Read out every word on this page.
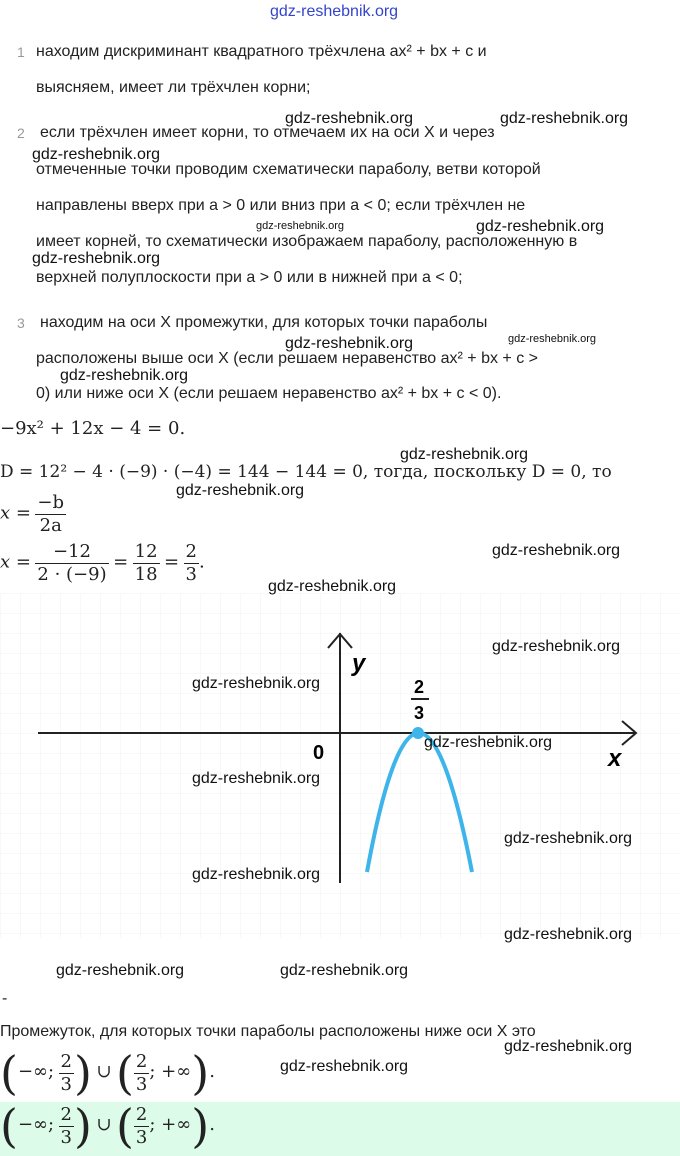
gdz-reshebnik.org
1 находим дискриминант квадратного трёхчлена ax² + bx + c и
выясняем, имеет ли трёхчлен корни;
2 если трёхчлен имеет корни, то отмечаем их на оси X и через
отмеченные точки проводим схематически параболу, ветви которой
направлены вверх при a > 0 или вниз при a < 0; если трёхчлен не
имеет корней, то схематически изображаем параболу, расположенную в
верхней полуплоскости при a > 0 или в нижней при a < 0;
3 находим на оси X промежутки, для которых точки параболы
расположены выше оси X (если решаем неравенство ax² + bx + c >
0) или ниже оси X (если решаем неравенство ax² + bx + c < 0).
−9x² + 12x − 4 = 0.
D = 12² − 4 · (−9) · (−4) = 144 − 144 = 0, тогда, поскольку D = 0, то
$x = \frac{-b}{2a}$
$x = \frac{-12}{2 \cdot (-9)} = \frac{12}{18} = \frac{2}{3}$ .
y
x
0
2
3
-
Промежуток, для которых точки параболы расположены ниже оси X это
(−∞; $\frac{2}{3}$ ) ∪ ( $\frac{2}{3}$ ; +∞).
(−∞; $\frac{2}{3}$ ) ∪ ( $\frac{2}{3}$ ; +∞).
gdz-reshebnik.org	gdz-reshebnik.org
gdz-reshebnik.org
gdz-reshebnik.org	gdz-reshebnik.org
gdz-reshebnik.org
gdz-reshebnik.org	gdz-reshebnik.org
gdz-reshebnik.org
gdz-reshebnik.org
gdz-reshebnik.org
gdz-reshebnik.org
gdz-reshebnik.org
gdz-reshebnik.org
gdz-reshebnik.org
gdz-reshebnik.org
gdz-reshebnik.org
gdz-reshebnik.org
gdz-reshebnik.org
gdz-reshebnik.org
gdz-reshebnik.org	gdz-reshebnik.org
gdz-reshebnik.org
gdz-reshebnik.org
